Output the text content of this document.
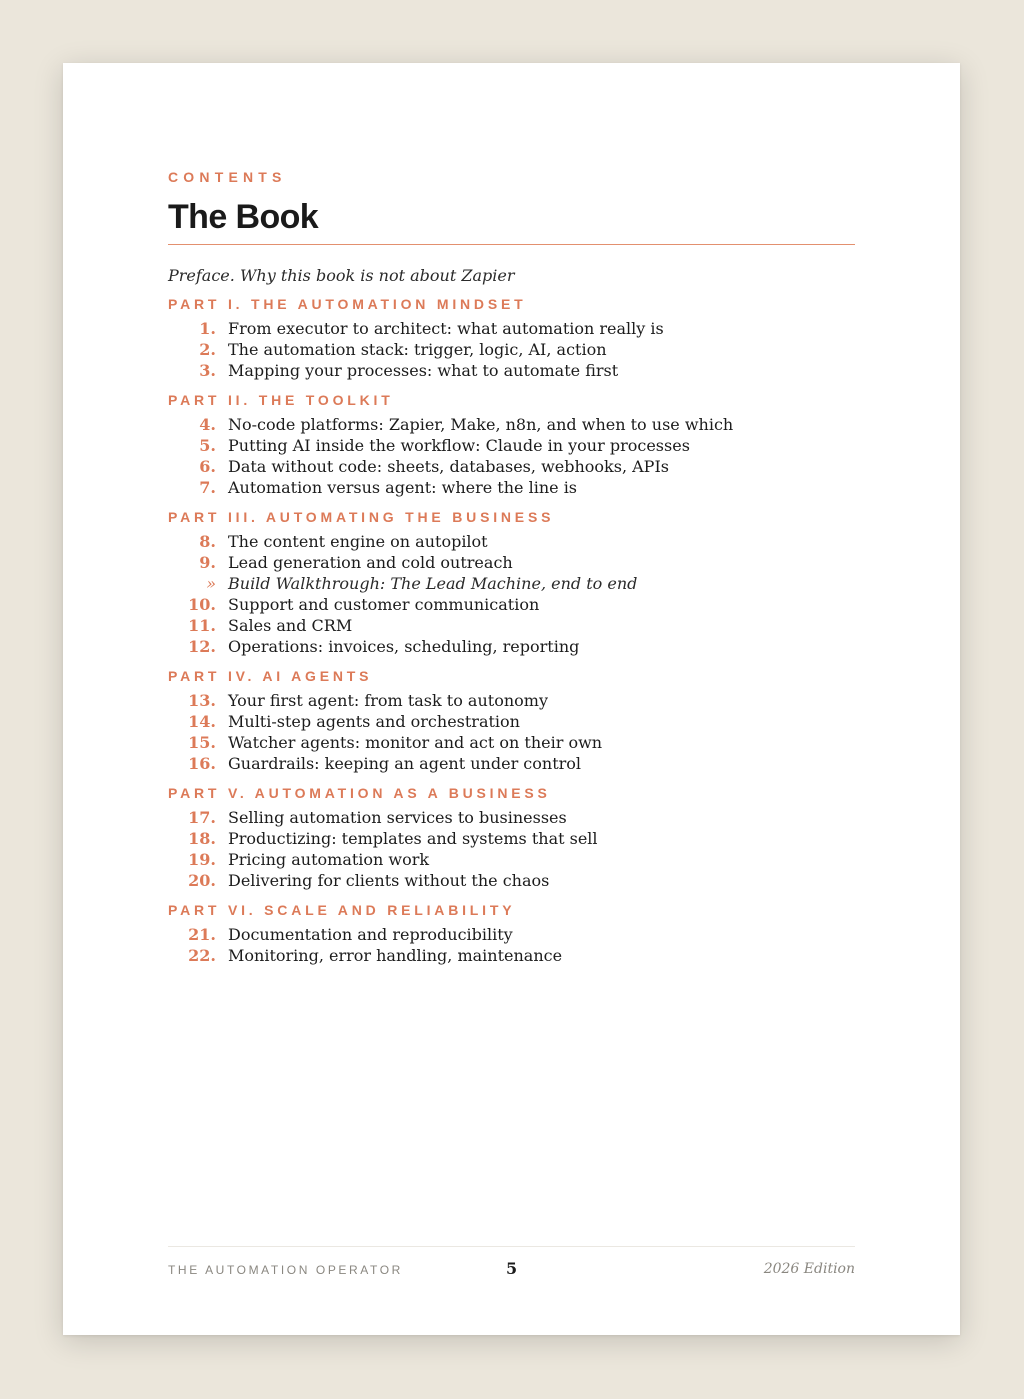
CONTENTS
The Book
Preface. Why this book is not about Zapier
PART I. THE AUTOMATION MINDSET
1. From executor to architect: what automation really is
2. The automation stack: trigger, logic, AI, action
3. Mapping your processes: what to automate first
PART II. THE TOOLKIT
4. No-code platforms: Zapier, Make, n8n, and when to use which
5. Putting AI inside the workflow: Claude in your processes
6. Data without code: sheets, databases, webhooks, APIs
7. Automation versus agent: where the line is
PART III. AUTOMATING THE BUSINESS
8. The content engine on autopilot
9. Lead generation and cold outreach
» Build Walkthrough: The Lead Machine, end to end
10. Support and customer communication
11. Sales and CRM
12. Operations: invoices, scheduling, reporting
PART IV. AI AGENTS
13. Your first agent: from task to autonomy
14. Multi-step agents and orchestration
15. Watcher agents: monitor and act on their own
16. Guardrails: keeping an agent under control
PART V. AUTOMATION AS A BUSINESS
17. Selling automation services to businesses
18. Productizing: templates and systems that sell
19. Pricing automation work
20. Delivering for clients without the chaos
PART VI. SCALE AND RELIABILITY
21. Documentation and reproducibility
22. Monitoring, error handling, maintenance
THE AUTOMATION OPERATOR	5	2026 Edition
